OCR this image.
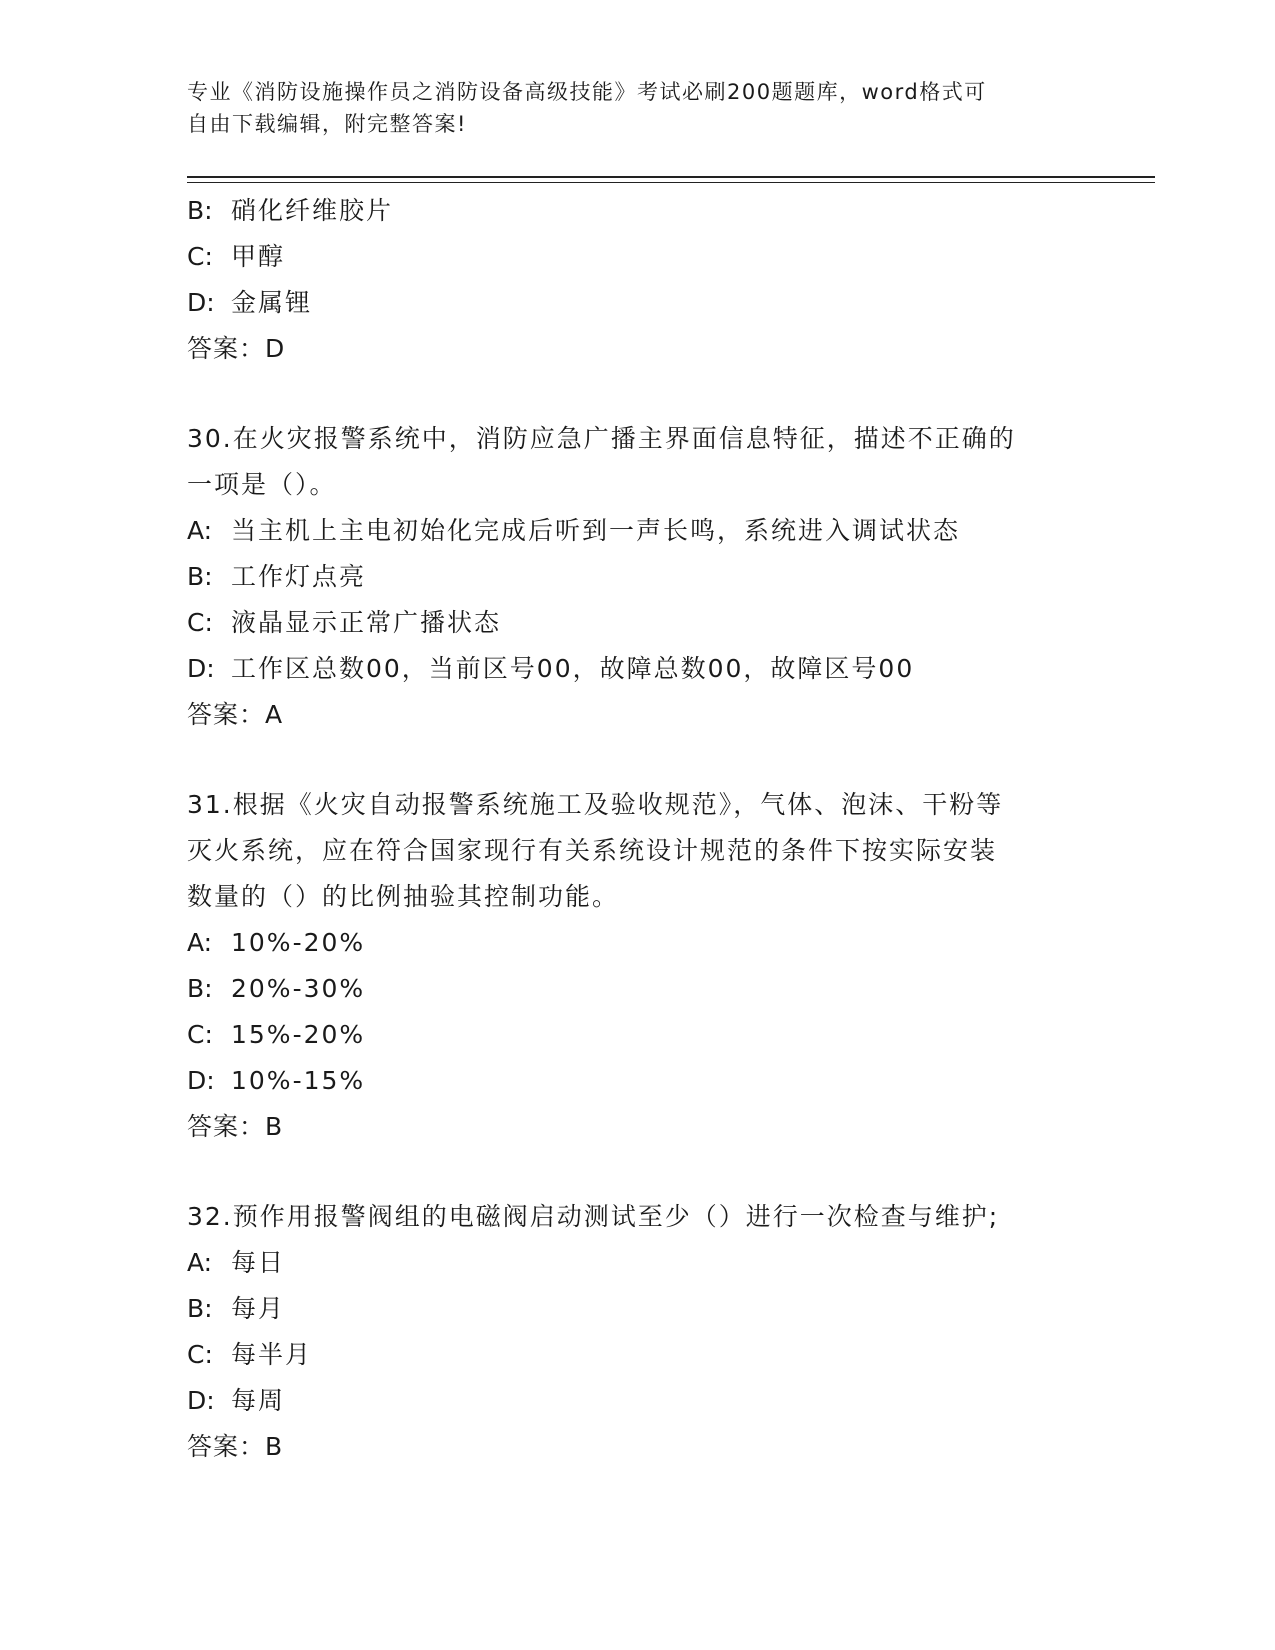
专业《消防设施操作员之消防设备高级技能》考试必刷200题题库，word格式可
自由下载编辑，附完整答案!
B: 硝化纤维胶片
C: 甲醇
D: 金属锂
答案：D
30.在火灾报警系统中，消防应急广播主界面信息特征，描述不正确的
一项是（）。
A: 当主机上主电初始化完成后听到一声长鸣，系统进入调试状态
B: 工作灯点亮
C: 液晶显示正常广播状态
D: 工作区总数00，当前区号00，故障总数00，故障区号00
答案：A
31.根据《火灾自动报警系统施工及验收规范》，气体、泡沫、干粉等
灭火系统，应在符合国家现行有关系统设计规范的条件下按实际安装
数量的（）的比例抽验其控制功能。
A: 10%-20%
B: 20%-30%
C: 15%-20%
D: 10%-15%
答案：B
32.预作用报警阀组的电磁阀启动测试至少（）进行一次检查与维护;
A: 每日
B: 每月
C: 每半月
D: 每周
答案：B
